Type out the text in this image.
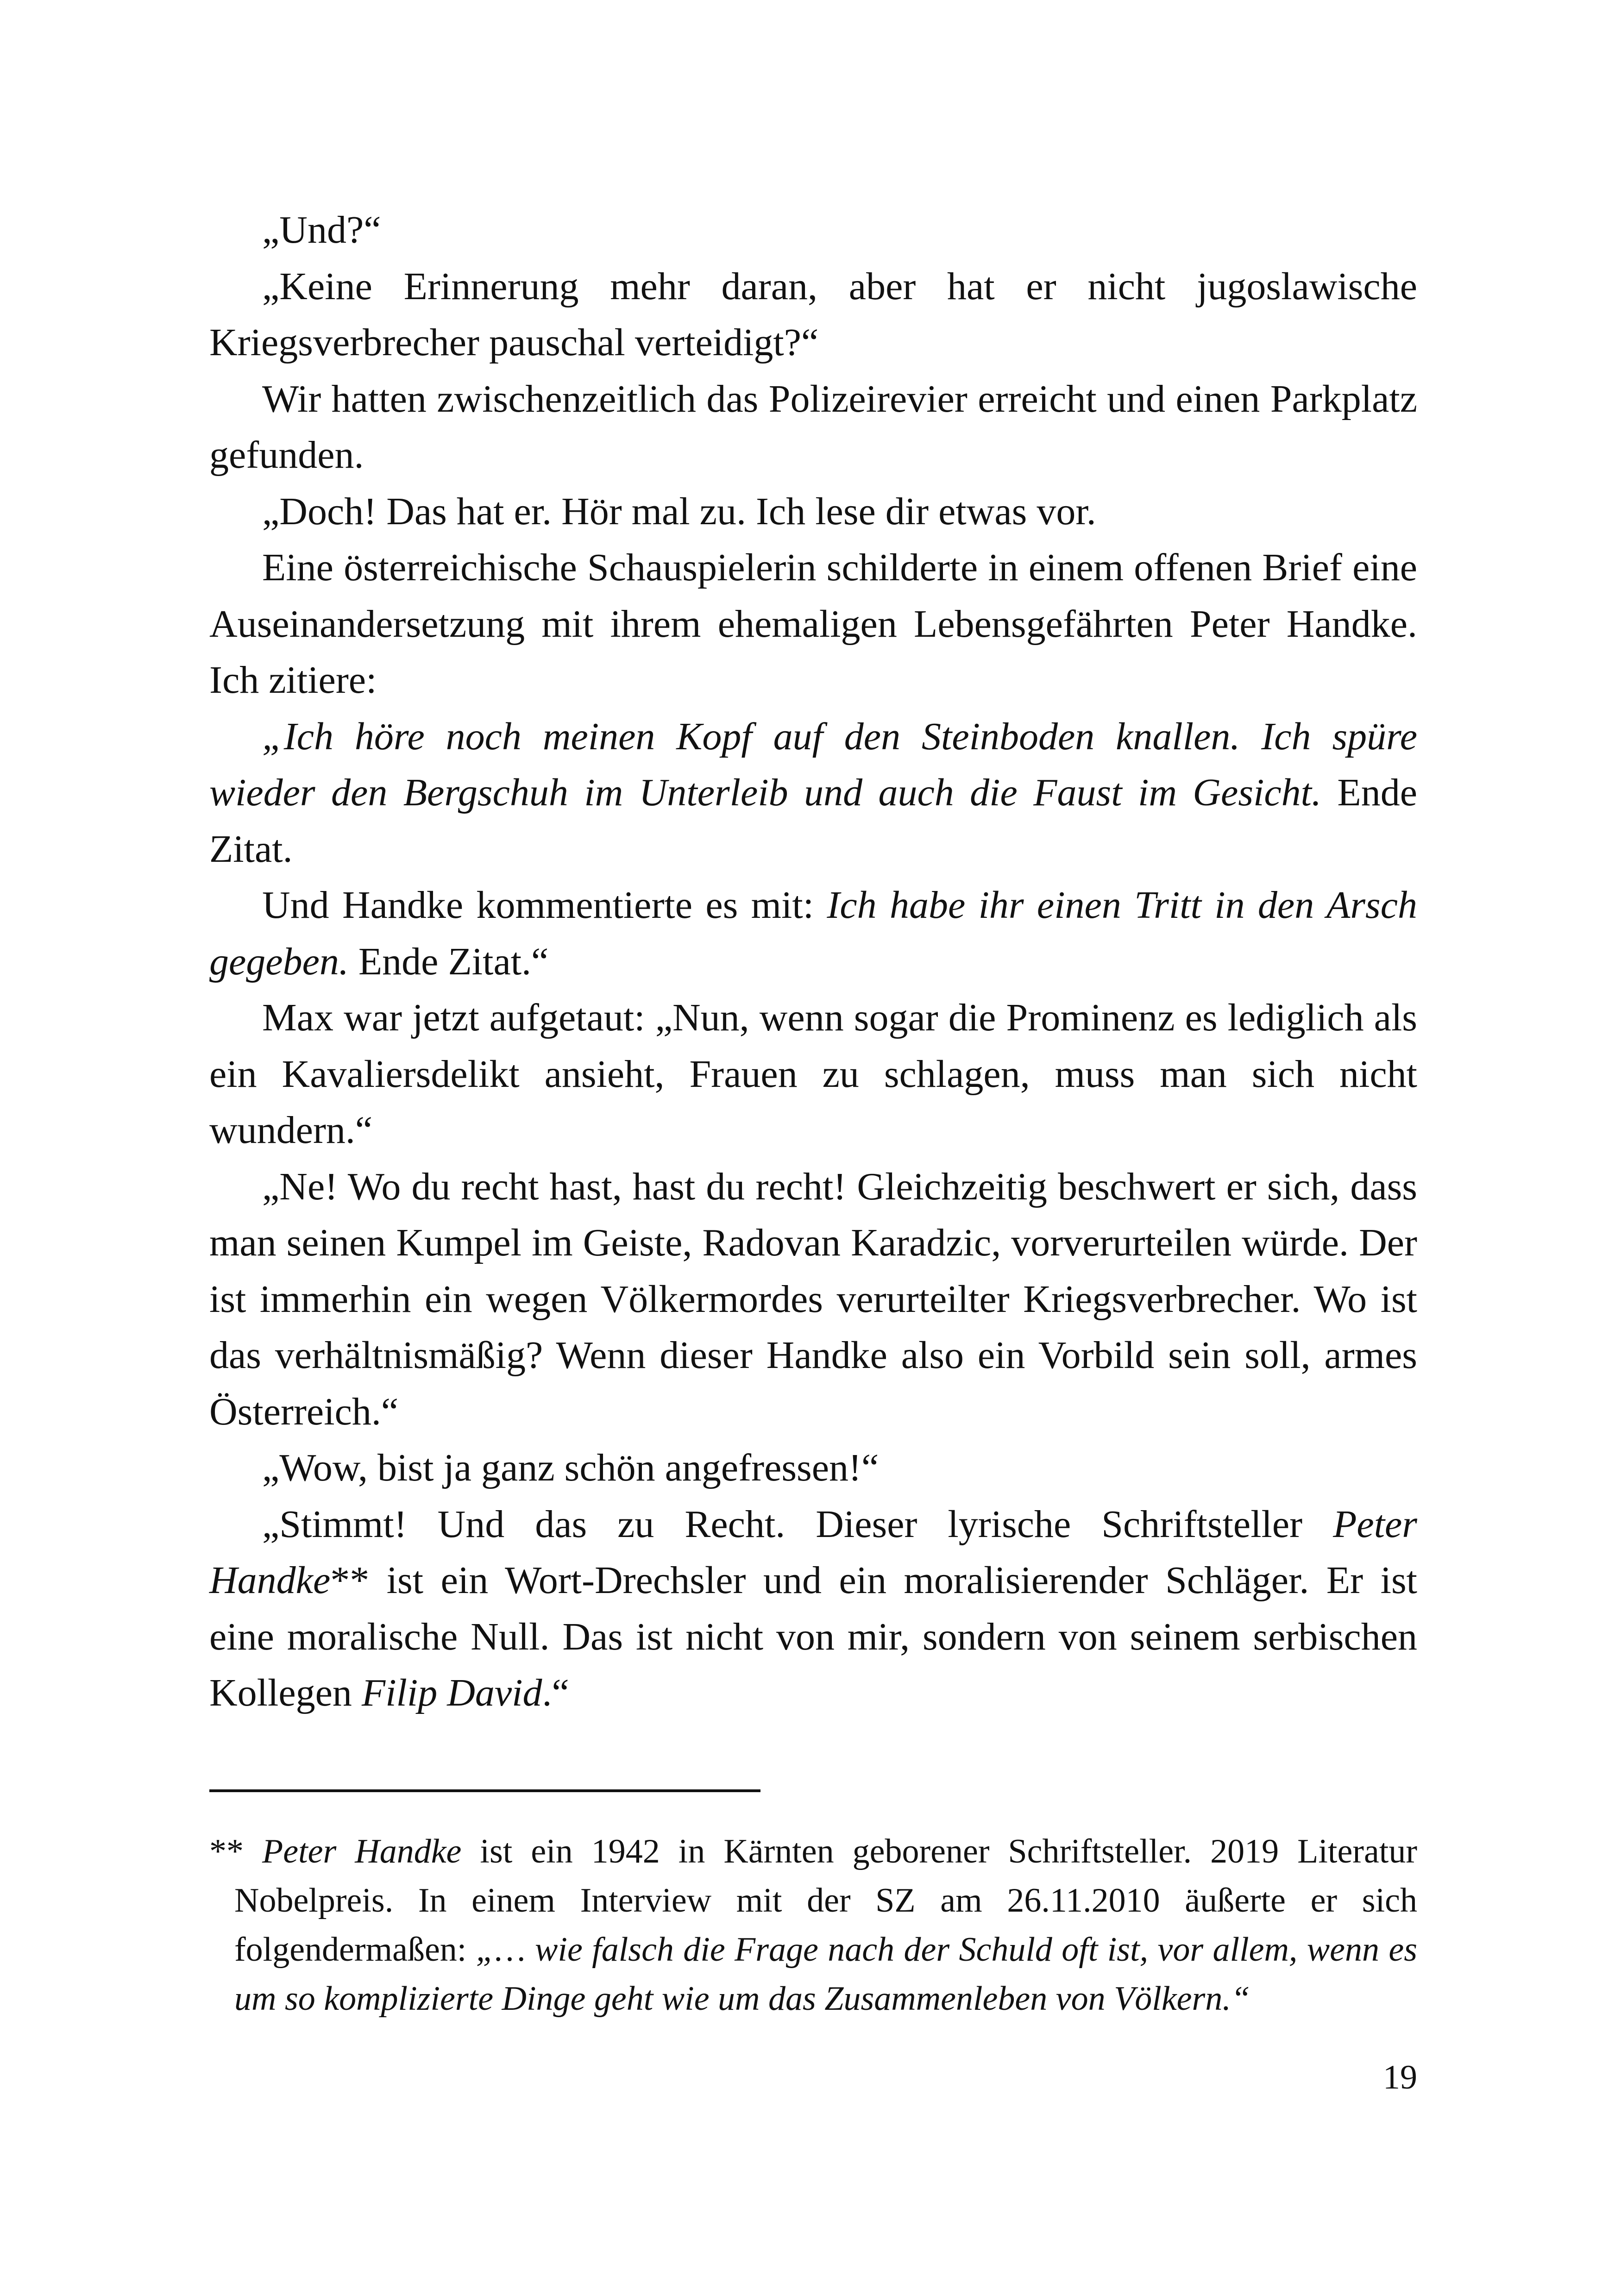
„Und?“

„Keine Erinnerung mehr daran, aber hat er nicht jugoslawische Kriegsverbrecher pauschal verteidigt?“

Wir hatten zwischenzeitlich das Polizeirevier erreicht und einen Parkplatz gefunden.

„Doch! Das hat er. Hör mal zu. Ich lese dir etwas vor.

Eine österreichische Schauspielerin schilderte in einem offenen Brief eine Auseinandersetzung mit ihrem ehemaligen Lebensgefährten Peter Handke. Ich zitiere:

„Ich höre noch meinen Kopf auf den Steinboden knallen. Ich spüre wieder den Bergschuh im Unterleib und auch die Faust im Gesicht. Ende Zitat.

Und Handke kommentierte es mit: Ich habe ihr einen Tritt in den Arsch gegeben. Ende Zitat.“

Max war jetzt aufgetaut: „Nun, wenn sogar die Prominenz es lediglich als ein Kavaliersdelikt ansieht, Frauen zu schlagen, muss man sich nicht wundern.“

„Ne! Wo du recht hast, hast du recht! Gleichzeitig beschwert er sich, dass man seinen Kumpel im Geiste, Radovan Karadzic, vorverurteilen würde. Der ist immerhin ein wegen Völkermordes verurteilter Kriegsverbrecher. Wo ist das verhältnismäßig? Wenn dieser Handke also ein Vorbild sein soll, armes Österreich.“

„Wow, bist ja ganz schön angefressen!“

„Stimmt! Und das zu Recht. Dieser lyrische Schriftsteller Peter Handke** ist ein Wort-Drechsler und ein moralisierender Schläger. Er ist eine moralische Null. Das ist nicht von mir, sondern von seinem serbischen Kollegen Filip David.“

** Peter Handke ist ein 1942 in Kärnten geborener Schriftsteller. 2019 Literatur Nobelpreis. In einem Interview mit der SZ am 26.11.2010 äußerte er sich folgendermaßen: „… wie falsch die Frage nach der Schuld oft ist, vor allem, wenn es um so komplizierte Dinge geht wie um das Zusammenleben von Völkern.“
19
